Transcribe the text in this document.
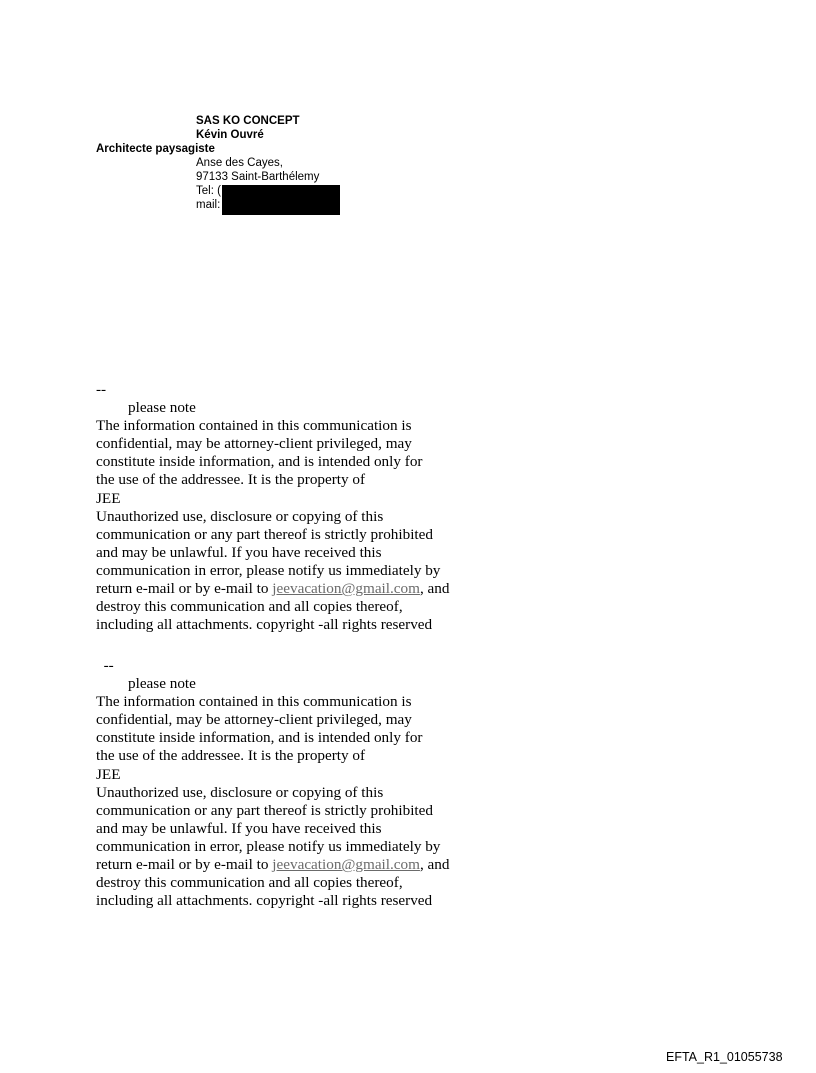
SAS KO CONCEPT
Kévin Ouvré
Architecte paysagiste
Anse des Cayes,
97133 Saint-Barthélemy
Tel: (
mail:
--
please note
The information contained in this communication is
confidential, may be attorney-client privileged, may
constitute inside information, and is intended only for
the use of the addressee. It is the property of
JEE
Unauthorized use, disclosure or copying of this
communication or any part thereof is strictly prohibited
and may be unlawful. If you have received this
communication in error, please notify us immediately by
return e-mail or by e-mail to jeevacation@gmail.com, and
destroy this communication and all copies thereof,
including all attachments. copyright -all rights reserved
--
please note
The information contained in this communication is
confidential, may be attorney-client privileged, may
constitute inside information, and is intended only for
the use of the addressee. It is the property of
JEE
Unauthorized use, disclosure or copying of this
communication or any part thereof is strictly prohibited
and may be unlawful. If you have received this
communication in error, please notify us immediately by
return e-mail or by e-mail to jeevacation@gmail.com, and
destroy this communication and all copies thereof,
including all attachments. copyright -all rights reserved
EFTA_R1_01055738
